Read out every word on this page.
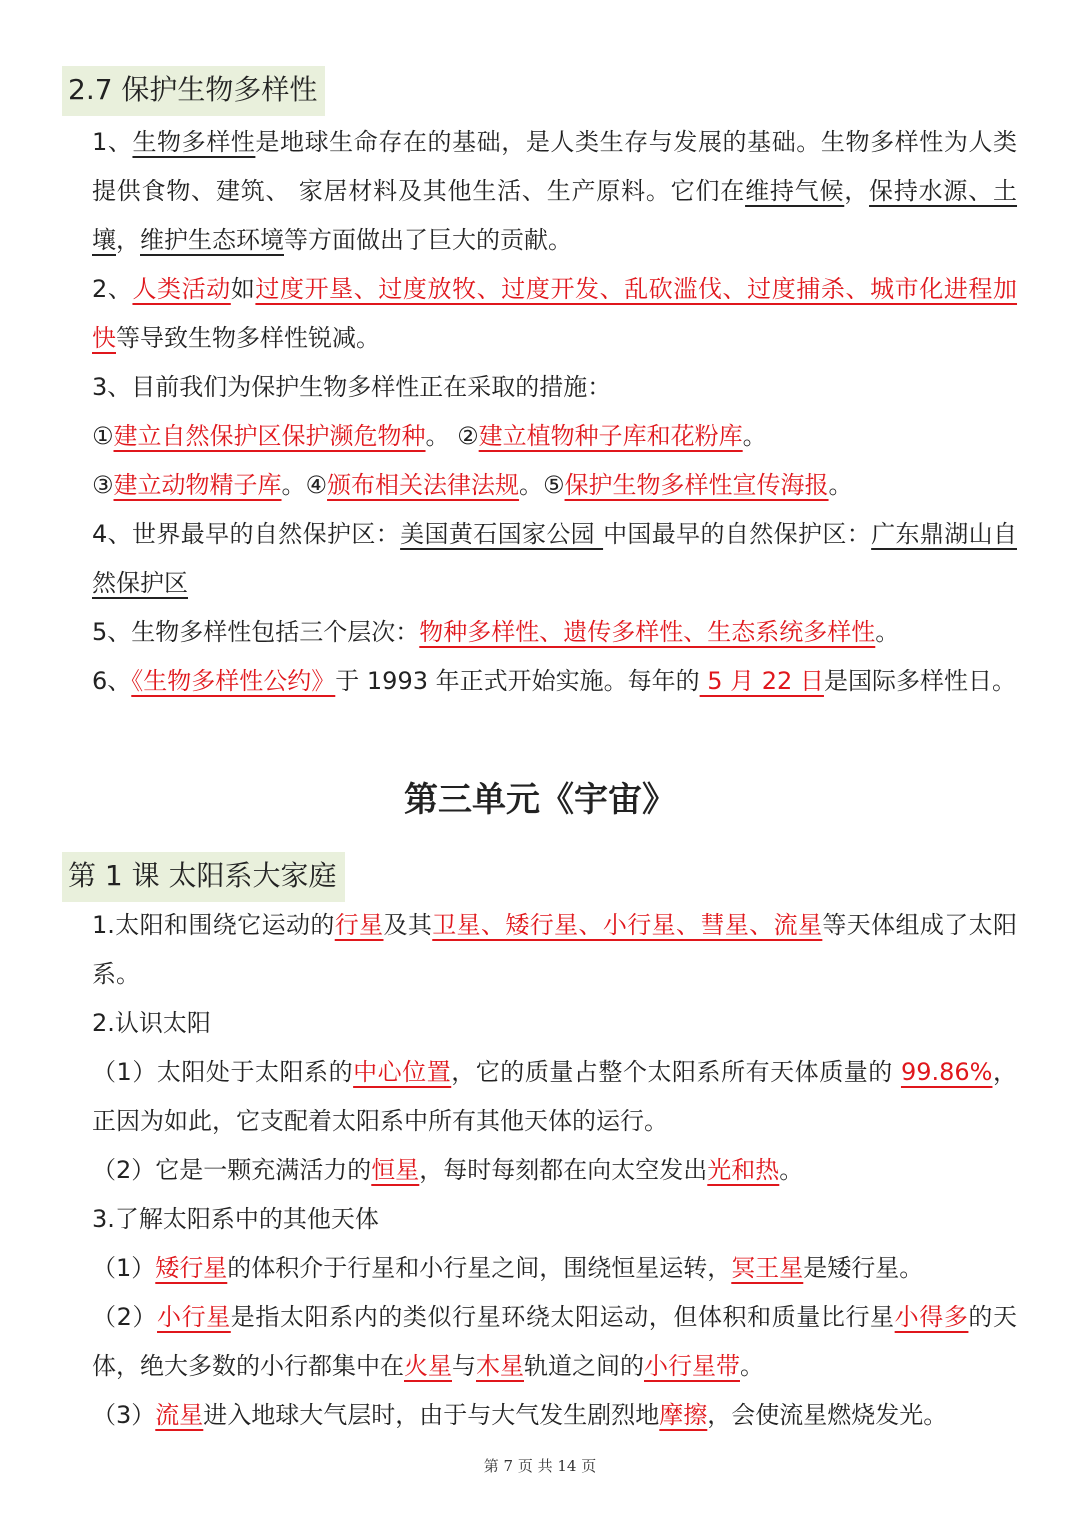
2.7 保护生物多样性
1、生物多样性是地球生命存在的基础，是人类生存与发展的基础。生物多样性为人类提供食物、建筑、 家居材料及其他生活、生产原料。它们在维持气候，保持水源、土壤，维护生态环境等方面做出了巨大的贡献。
2、人类活动如过度开垦、过度放牧、过度开发、乱砍滥伐、过度捕杀、城市化进程加快等导致生物多样性锐减。
3、目前我们为保护生物多样性正在采取的措施：
①建立自然保护区保护濒危物种。 ②建立植物种子库和花粉库。
③建立动物精子库。④颁布相关法律法规。⑤保护生物多样性宣传海报。
4、世界最早的自然保护区：美国黄石国家公园 中国最早的自然保护区：广东鼎湖山自然保护区
5、生物多样性包括三个层次：物种多样性、遗传多样性、生态系统多样性。
6、《生物多样性公约》于 1993 年正式开始实施。每年的 5 月 22 日是国际多样性日。
第三单元《宇宙》
第 1 课 太阳系大家庭
1.太阳和围绕它运动的行星及其卫星、矮行星、小行星、彗星、流星等天体组成了太阳系。
2.认识太阳
（1）太阳处于太阳系的中心位置，它的质量占整个太阳系所有天体质量的 99.86%，正因为如此，它支配着太阳系中所有其他天体的运行。
（2）它是一颗充满活力的恒星，每时每刻都在向太空发出光和热。
3.了解太阳系中的其他天体
（1）矮行星的体积介于行星和小行星之间，围绕恒星运转，冥王星是矮行星。
（2）小行星是指太阳系内的类似行星环绕太阳运动，但体积和质量比行星小得多的天体，绝大多数的小行都集中在火星与木星轨道之间的小行星带。
（3）流星进入地球大气层时，由于与大气发生剧烈地摩擦，会使流星燃烧发光。
第 7 页 共 14 页
